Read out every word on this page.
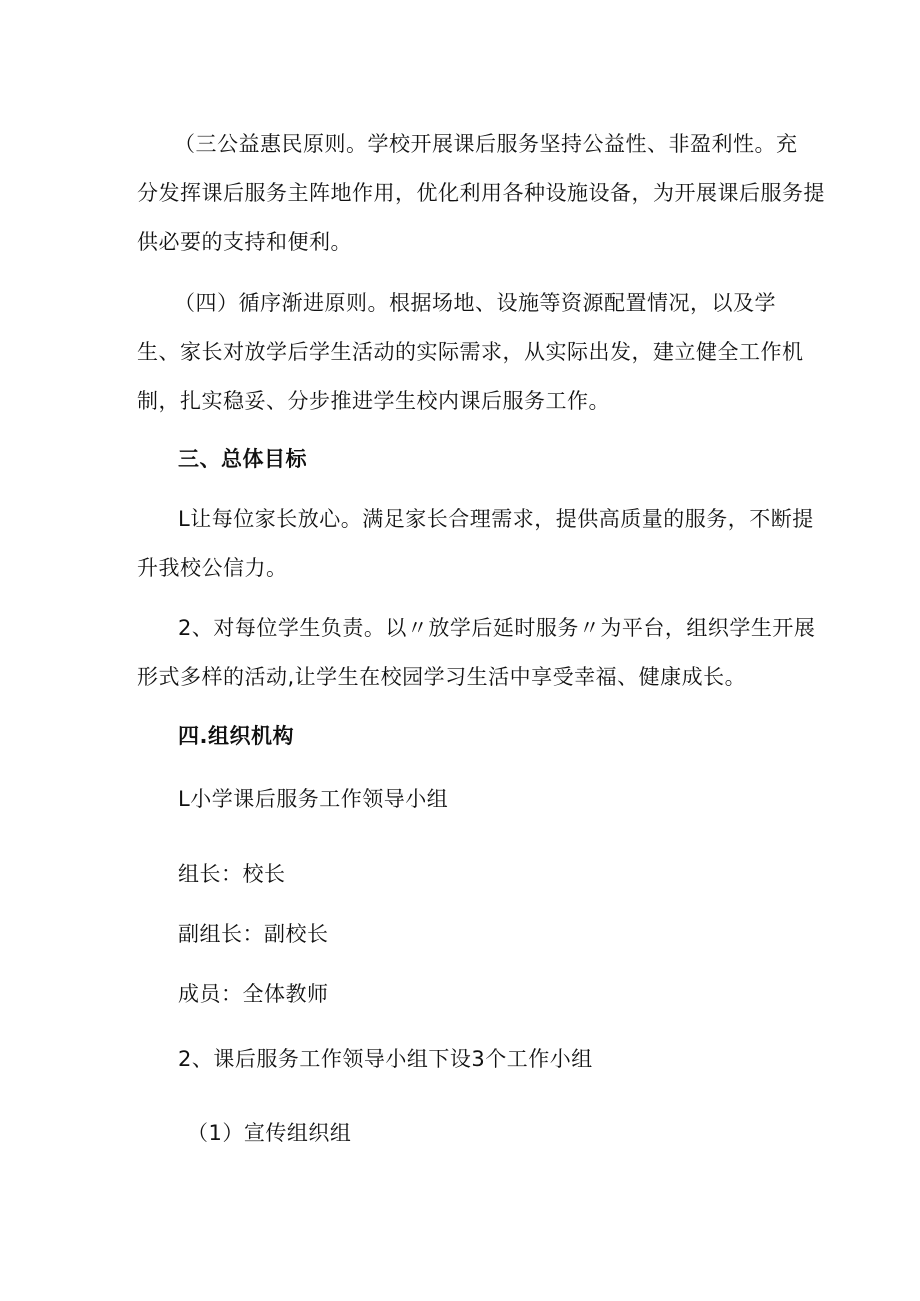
（三公益惠民原则。学校开展课后服务坚持公益性、非盈利性。充
分发挥课后服务主阵地作用，优化利用各种设施设备，为开展课后服务提
供必要的支持和便利。
（四）循序渐进原则。根据场地、设施等资源配置情况，以及学
生、家长对放学后学生活动的实际需求，从实际出发，建立健全工作机
制，扎实稳妥、分步推进学生校内课后服务工作。
三、总体目标
L让每位家长放心。满足家长合理需求，提供高质量的服务，不断提
升我校公信力。
2、对每位学生负责。以〃放学后延时服务〃为平台，组织学生开展
形式多样的活动,让学生在校园学习生活中享受幸福、健康成长。
四.组织机构
L小学课后服务工作领导小组
组长：校长
副组长：副校长
成员：全体教师
2、课后服务工作领导小组下设3个工作小组
（1）宣传组织组
